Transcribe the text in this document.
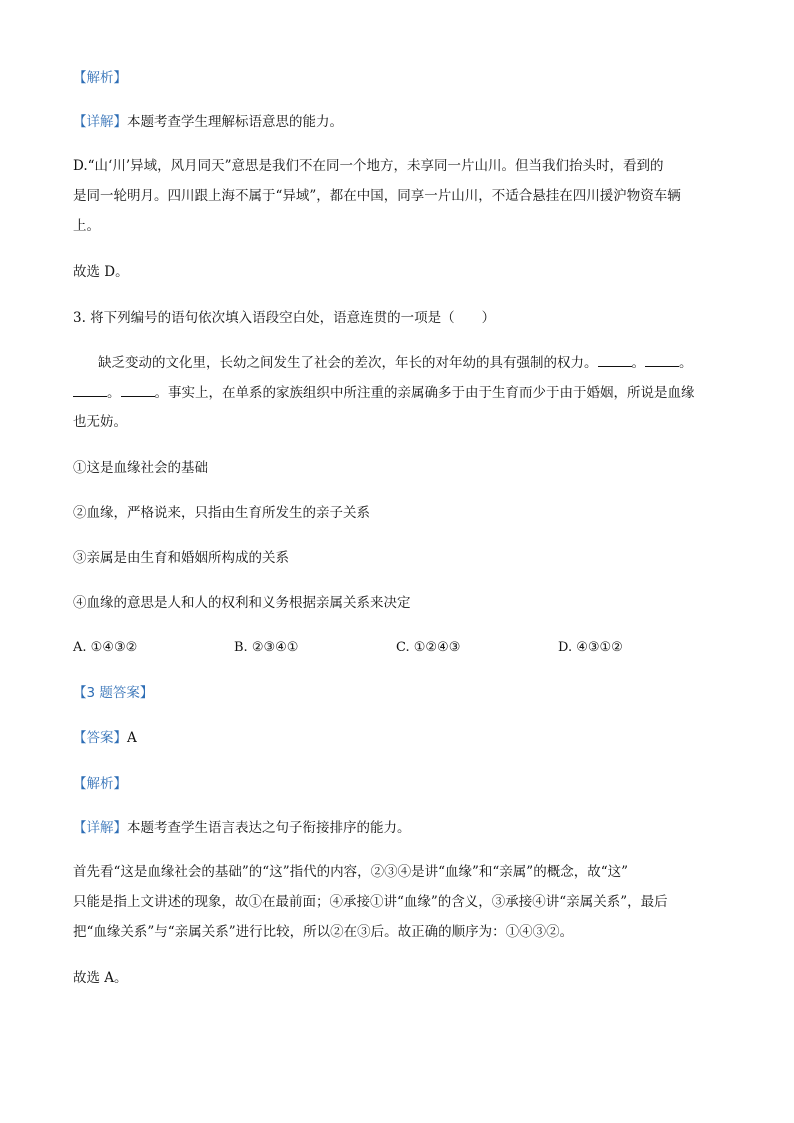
【解析】
【详解】本题考查学生理解标语意思的能力。
D.“山‘川’异域，风月同天”意思是我们不在同一个地方，未享同一片山川。但当我们抬头时，看到的
是同一轮明月。四川跟上海不属于“异域”，都在中国，同享一片山川，不适合悬挂在四川援沪物资车辆
上。
故选 D。
3. 将下列编号的语句依次填入语段空白处，语意连贯的一项是（　　）
缺乏变动的文化里，长幼之间发生了社会的差次，年长的对年幼的具有强制的权力。	。	。
。	。事实上，在单系的家族组织中所注重的亲属确多于由于生育而少于由于婚姻，所说是血缘
也无妨。
①这是血缘社会的基础
②血缘，严格说来，只指由生育所发生的亲子关系
③亲属是由生育和婚姻所构成的关系
④血缘的意思是人和人的权利和义务根据亲属关系来决定
A. ①④③②	B. ②③④①	C. ①②④③	D. ④③①②
【3 题答案】
【答案】A
【解析】
【详解】本题考查学生语言表达之句子衔接排序的能力。
首先看“这是血缘社会的基础”的“这”指代的内容，②③④是讲“血缘”和“亲属”的概念，故“这”
只能是指上文讲述的现象，故①在最前面；④承接①讲“血缘”的含义，③承接④讲“亲属关系”，最后
把“血缘关系”与“亲属关系”进行比较，所以②在③后。故正确的顺序为：①④③②。
故选 A。
